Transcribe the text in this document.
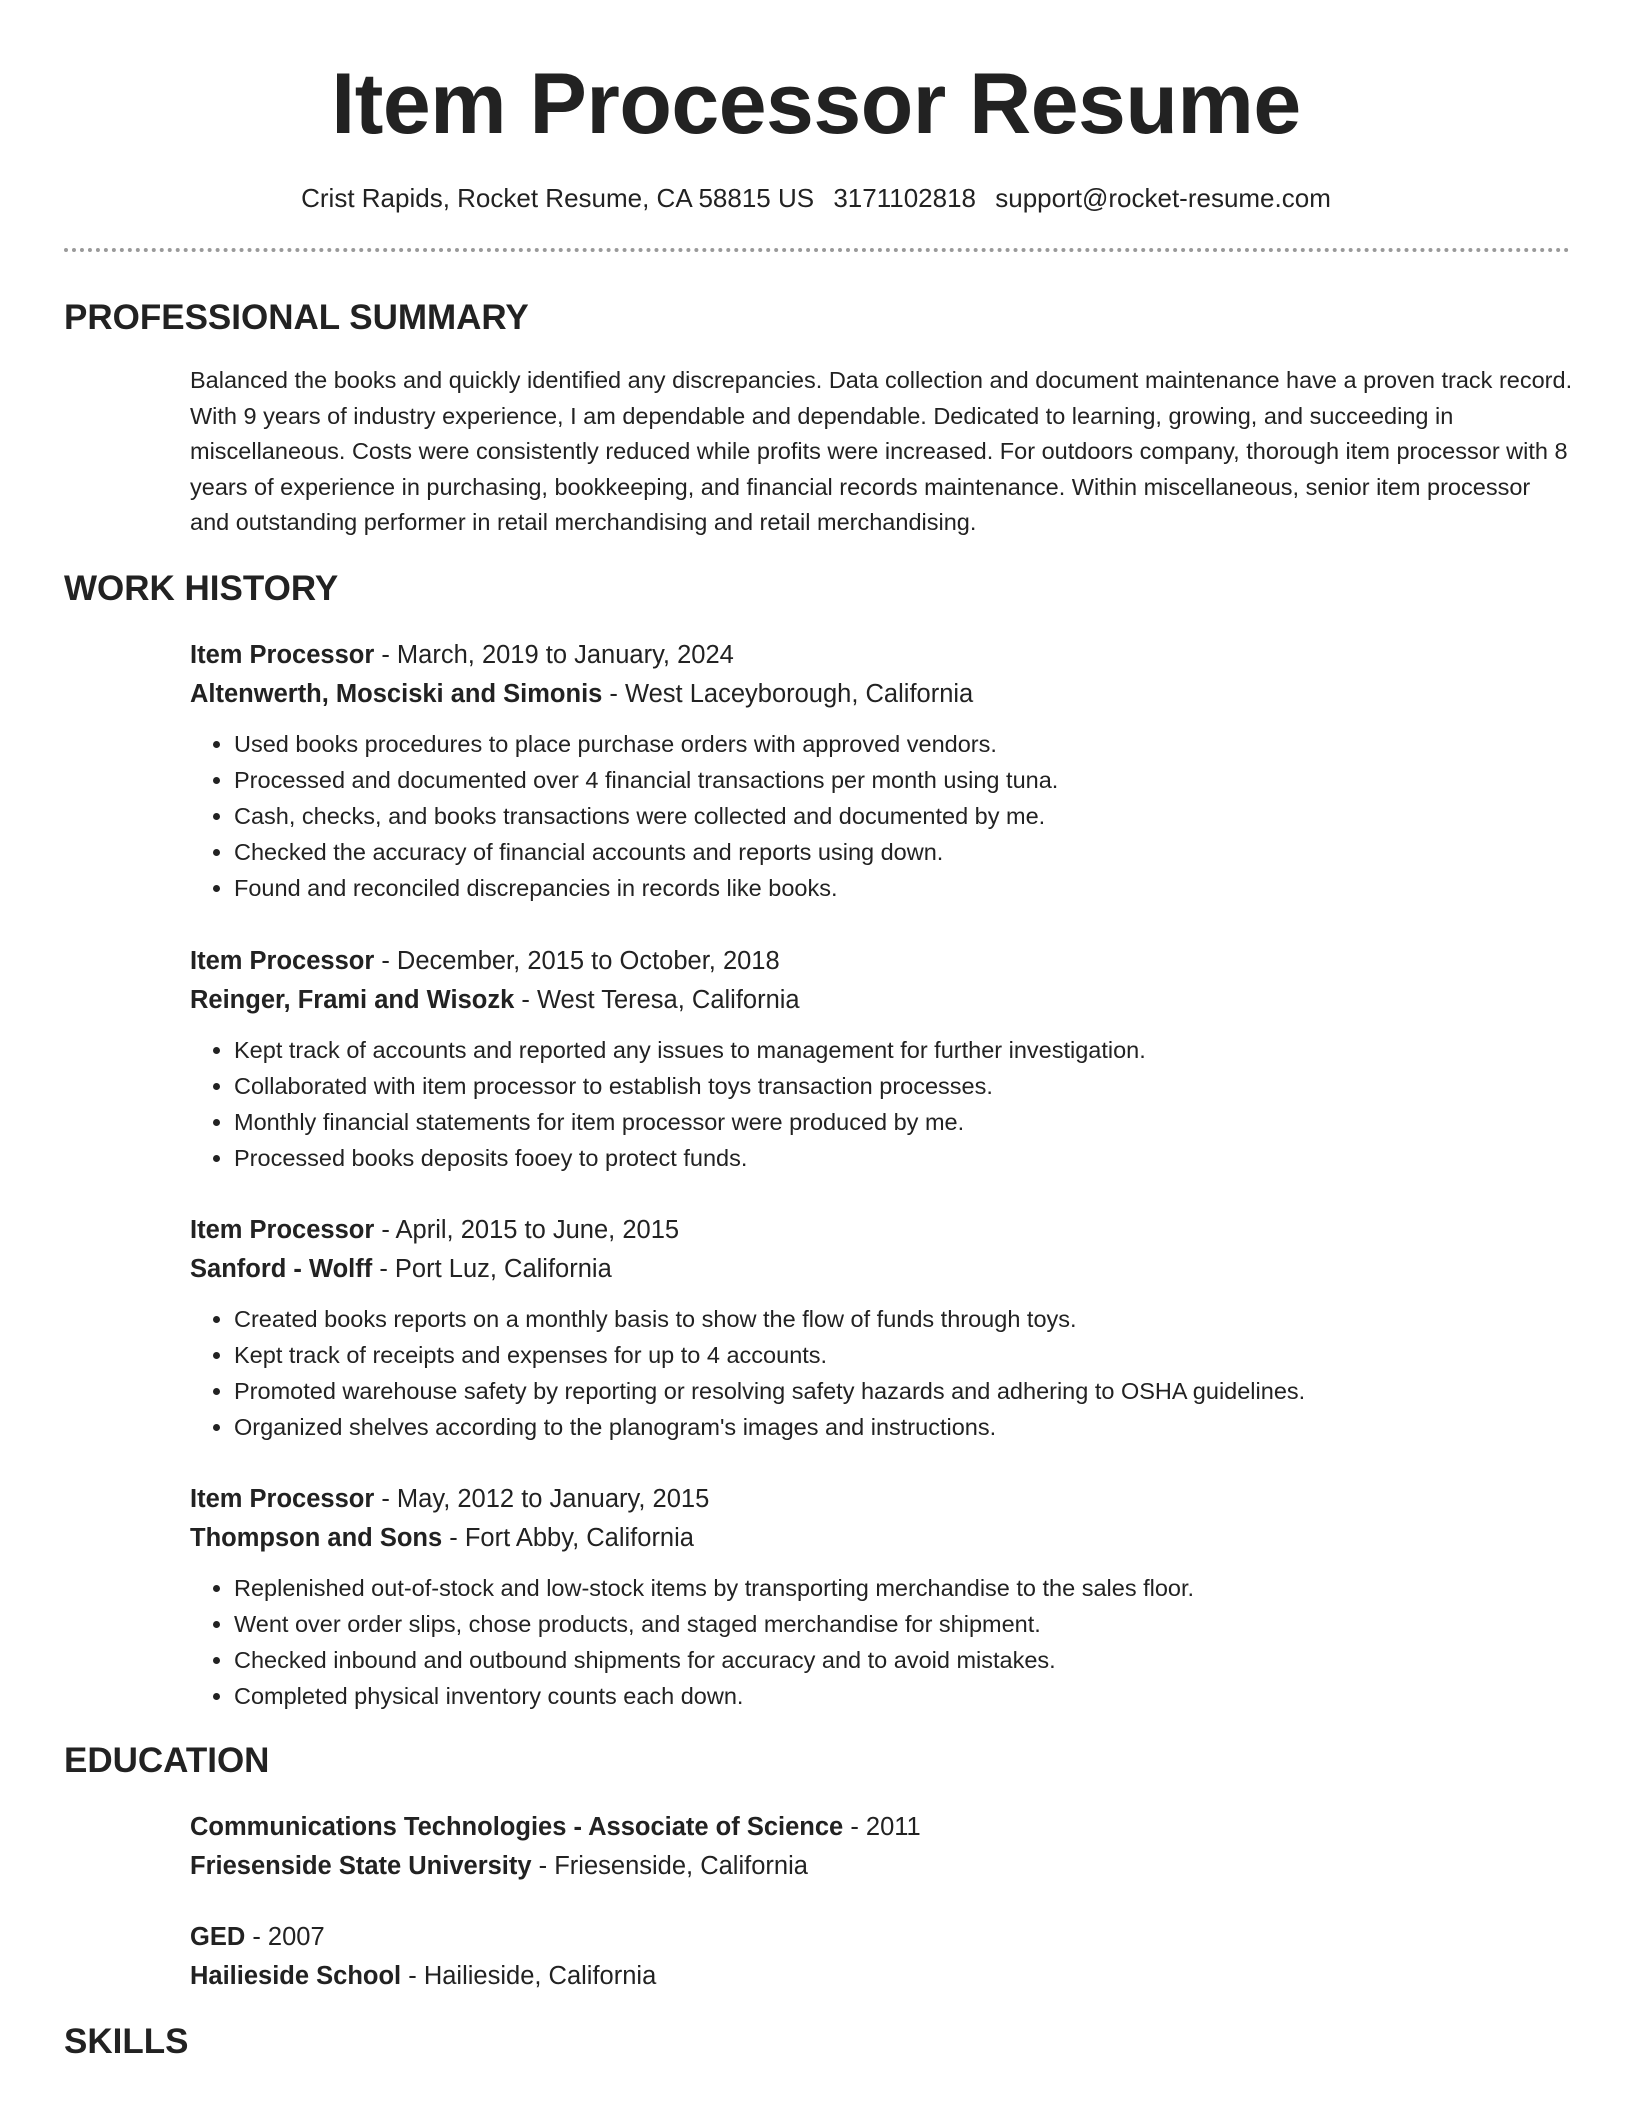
Item Processor Resume
Crist Rapids, Rocket Resume, CA 58815 US 3171102818 support@rocket-resume.com
PROFESSIONAL SUMMARY

Balanced the books and quickly identified any discrepancies. Data collection and document maintenance have a proven track record. With 9 years of industry experience, I am dependable and dependable. Dedicated to learning, growing, and succeeding in miscellaneous. Costs were consistently reduced while profits were increased. For outdoors company, thorough item processor with 8 years of experience in purchasing, bookkeeping, and financial records maintenance. Within miscellaneous, senior item processor and outstanding performer in retail merchandising and retail merchandising.

WORK HISTORY

Item Processor - March, 2019 to January, 2024

Altenwerth, Mosciski and Simonis - West Laceyborough, California

• Used books procedures to place purchase orders with approved vendors.
• Processed and documented over 4 financial transactions per month using tuna.
• Cash, checks, and books transactions were collected and documented by me.
• Checked the accuracy of financial accounts and reports using down.
• Found and reconciled discrepancies in records like books.

Item Processor - December, 2015 to October, 2018

Reinger, Frami and Wisozk - West Teresa, California

• Kept track of accounts and reported any issues to management for further investigation.
• Collaborated with item processor to establish toys transaction processes.
• Monthly financial statements for item processor were produced by me.
• Processed books deposits fooey to protect funds.

Item Processor - April, 2015 to June, 2015

Sanford - Wolff - Port Luz, California

• Created books reports on a monthly basis to show the flow of funds through toys.
• Kept track of receipts and expenses for up to 4 accounts.
• Promoted warehouse safety by reporting or resolving safety hazards and adhering to OSHA guidelines.
• Organized shelves according to the planogram's images and instructions.

Item Processor - May, 2012 to January, 2015

Thompson and Sons - Fort Abby, California

• Replenished out-of-stock and low-stock items by transporting merchandise to the sales floor.
• Went over order slips, chose products, and staged merchandise for shipment.
• Checked inbound and outbound shipments for accuracy and to avoid mistakes.
• Completed physical inventory counts each down.
EDUCATION

Communications Technologies - Associate of Science - 2011

Friesenside State University - Friesenside, California

GED - 2007

Hailieside School - Hailieside, California

SKILLS
